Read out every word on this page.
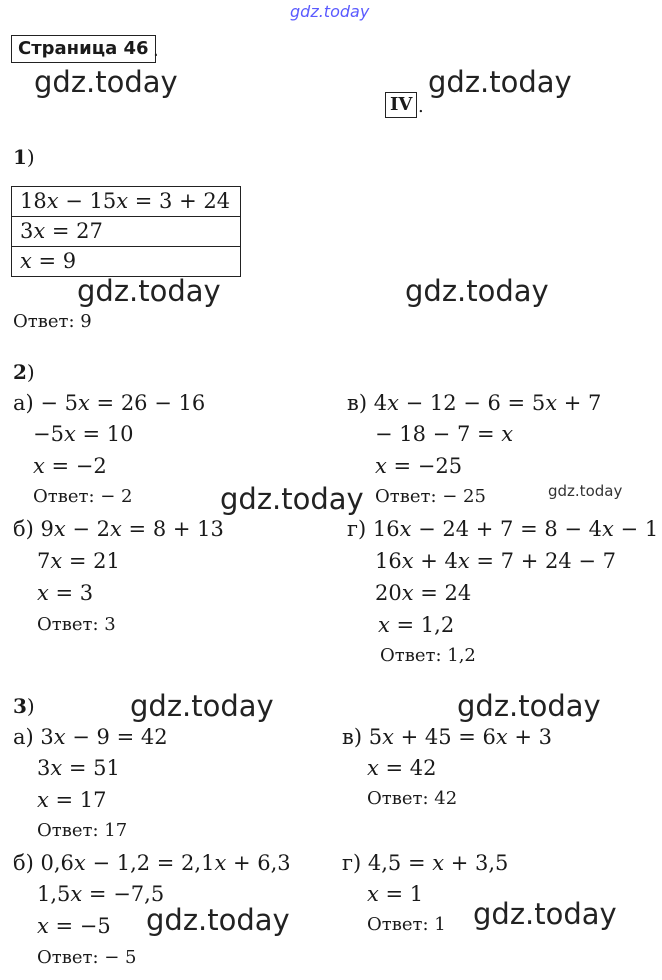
gdz.today
Страница 46 .
IV .
gdz.today	gdz.today
gdz.today	gdz.today
gdz.today	gdz.today
gdz.today	gdz.today
gdz.today	gdz.today
1)
18x − 15x = 3 + 24
3x = 27
x = 9
Ответ: 9
2)
а) − 5x = 26 − 16
−5x = 10
x = −2
Ответ: − 2
б) 9x − 2x = 8 + 13
7x = 21
x = 3
Ответ: 3
в) 4x − 12 − 6 = 5x + 7
− 18 − 7 = x
x = −25
Ответ: − 25
г) 16x − 24 + 7 = 8 − 4x − 1
16x + 4x = 7 + 24 − 7
20x = 24
x = 1,2
Ответ: 1,2
3)
а) 3x − 9 = 42
3x = 51
x = 17
Ответ: 17
б) 0,6x − 1,2 = 2,1x + 6,3
1,5x = −7,5
x = −5
Ответ: − 5
в) 5x + 45 = 6x + 3
x = 42
Ответ: 42
г) 4,5 = x + 3,5
x = 1
Ответ: 1
